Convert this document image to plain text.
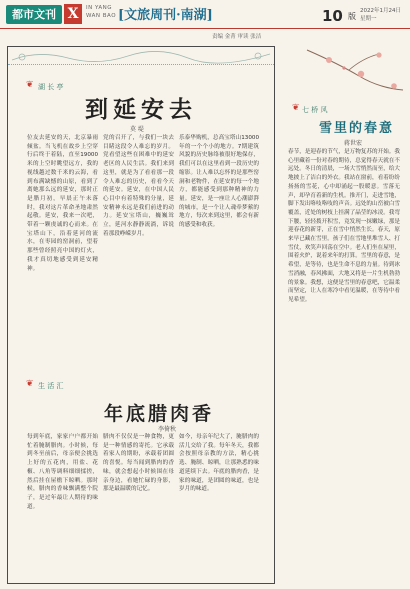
都市文刊 X	IN YANG
WAN BAO [文旅周刊·南湖]	10 版
2022年1月24日
星期一
责编 金菁 审读 张洁
❦ 湖 长 亭
到延安去
莫 堤
位友去延安的天，北京暴雨倾盆。当飞机在故乡上空穿行后终于着陆，直至19000米的上空时眺望远方，我的视线越过数千米的云海，看到布满缺憾的山原，看到了离她那么远的延安，那时正是腊月初，早晨正午未落时，我对这片革命圣地肃然起敬。延安，我来一次吧，带着一颗虔诚的心而来。在宝塔山下，沿着延河的流水，在枣园的窑洞前，望着那些曾经照亮中国的灯火，我才真切地感受到延安精神。
党的召开了，与我们一块去目睹这段令人难忘的岁月。党看望这些在困难中的延安老区的人民生活。我们来到这里，就是为了看看那一段令人难忘的历史，看看今天的延安。延安，在中国人民心目中有着特殊的分量，延安精神永远是我们前进的动力。延安宝塔山，巍巍耸立，延河水静静流淌，诉说着那段峥嵘岁月。
乐泰华购机，总高宝塔山13000年的一个个小的地方。7期建筑风貌的历史脉络被很好地保存，我们可以在这里看到一段历史的缩影。让人难以忘怀的是那些窑洞和老物件，在延安的每一个地方，都能感受到那种精神的力量。延安，是一座让人心潮澎湃的城市，是一个让人魂牵梦萦的地方，每次来到这里，都会有新的感受和收获。
❦ 生 活 汇
年底腊肉香
李倚秋
每到年底，家家户户都开始忙着腌制腊肉。小时候，每到冬至前后，母亲便会挑选上好的五花肉，用盐、花椒、八角等调料细细揉搓，然后挂在屋檐下晾晒。那时候，腊肉的香味飘满整个院子，是过年最让人期待的味道。
腊肉不仅仅是一种食物，更是一种情感的寄托。它承载着家人的期盼，承载着团圆的喜悦。每当闻到腊肉的香味，就会想起小时候围在母亲身边，看她忙碌的身影，那是最温暖的记忆。
如今，母亲年纪大了，腌腊肉的活儿交给了我。每年冬天，我都会按照母亲教的方法，精心挑选、腌制、晾晒，让那熟悉的味道延续下去。年底的腊肉香，是家的味道，是团圆的味道，也是岁月的味道。
❦ 七 桥 风
雪里的春意
蒋世宏
春节，是迎春的节气，是万物复苏的开始。我心里藏着一份对春的期待，总觉得春天就在不远处。冬日的清晨，一场大雪悄然而至，给大地披上了洁白的外衣。我站在窗前，看着纷纷扬扬的雪花，心中却涌起一股暖意。雪落无声，却孕育着新的生机。推开门，走进雪地，脚下发出咯吱咯吱的声音。远处的山峦被白雪覆盖，近处的树枝上挂满了晶莹的冰凌。我弯下腰，轻轻拨开积雪，竟发现一抹嫩绿，那是迎春花的新芽，正在雪中悄然生长。春天，原来早已藏在雪里。孩子们在雪地里堆雪人、打雪仗，欢笑声回荡在空中。老人们坐在屋里，围着火炉，说着来年的打算。雪里的春意，是希望，是等待，也是生命不息的力量。待到冰雪消融，春风拂面，大地又将是一片生机勃勃的景象。我想，这便是雪里的春意吧，它温柔而坚定，让人在寒冷中看见温暖，在等待中看见希望。
